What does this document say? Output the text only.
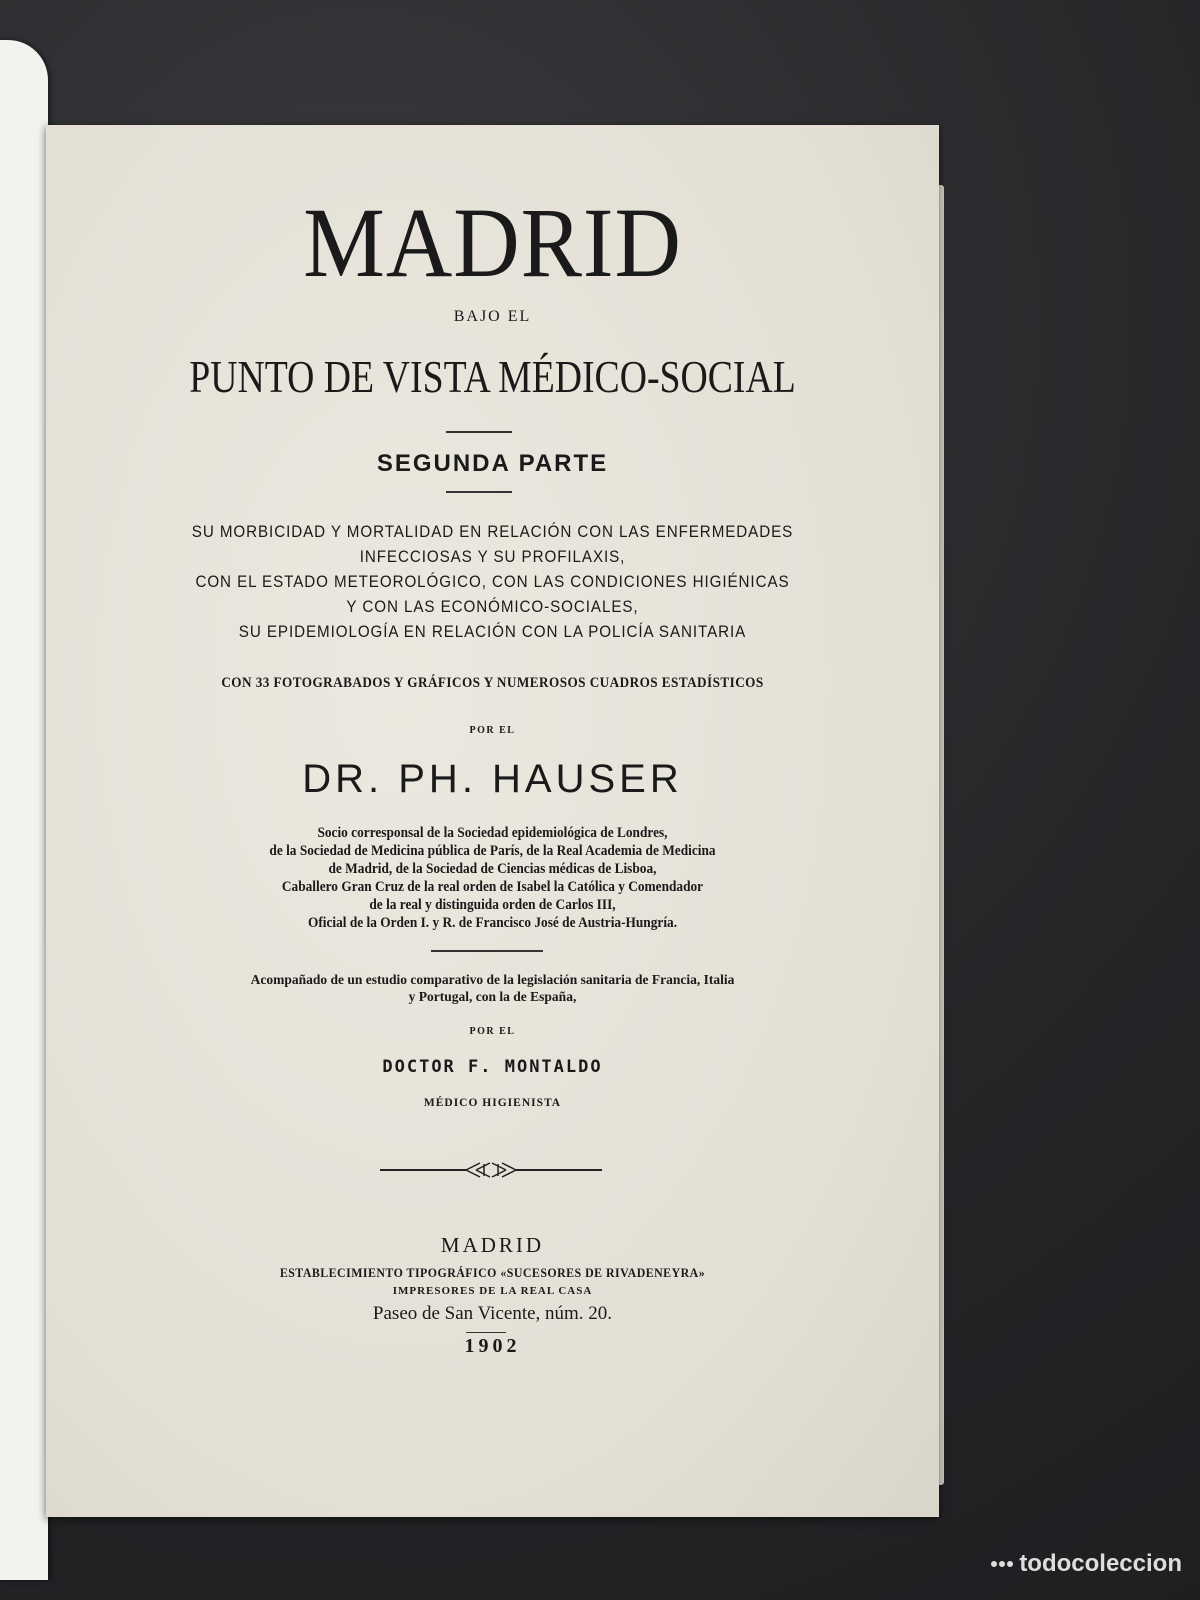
MADRID
BAJO EL
PUNTO DE VISTA MÉDICO-SOCIAL
SEGUNDA PARTE
SU MORBICIDAD Y MORTALIDAD EN RELACIÓN CON LAS ENFERMEDADES
INFECCIOSAS Y SU PROFILAXIS,
CON EL ESTADO METEOROLÓGICO, CON LAS CONDICIONES HIGIÉNICAS
Y CON LAS ECONÓMICO-SOCIALES,
SU EPIDEMIOLOGÍA EN RELACIÓN CON LA POLICÍA SANITARIA
CON 33 FOTOGRABADOS Y GRÁFICOS Y NUMEROSOS CUADROS ESTADÍSTICOS
POR EL
DR. PH. HAUSER
Socio corresponsal de la Sociedad epidemiológica de Londres,
de la Sociedad de Medicina pública de París, de la Real Academia de Medicina
de Madrid, de la Sociedad de Ciencias médicas de Lisboa,
Caballero Gran Cruz de la real orden de Isabel la Católica y Comendador
de la real y distinguida orden de Carlos III,
Oficial de la Orden I. y R. de Francisco José de Austria-Hungría.
Acompañado de un estudio comparativo de la legislación sanitaria de Francia, Italia
y Portugal, con la de España,
POR EL
DOCTOR F. MONTALDO
MÉDICO HIGIENISTA
MADRID
ESTABLECIMIENTO TIPOGRÁFICO «SUCESORES DE RIVADENEYRA»
IMPRESORES DE LA REAL CASA
Paseo de San Vicente, núm. 20.
1902
todocoleccion
